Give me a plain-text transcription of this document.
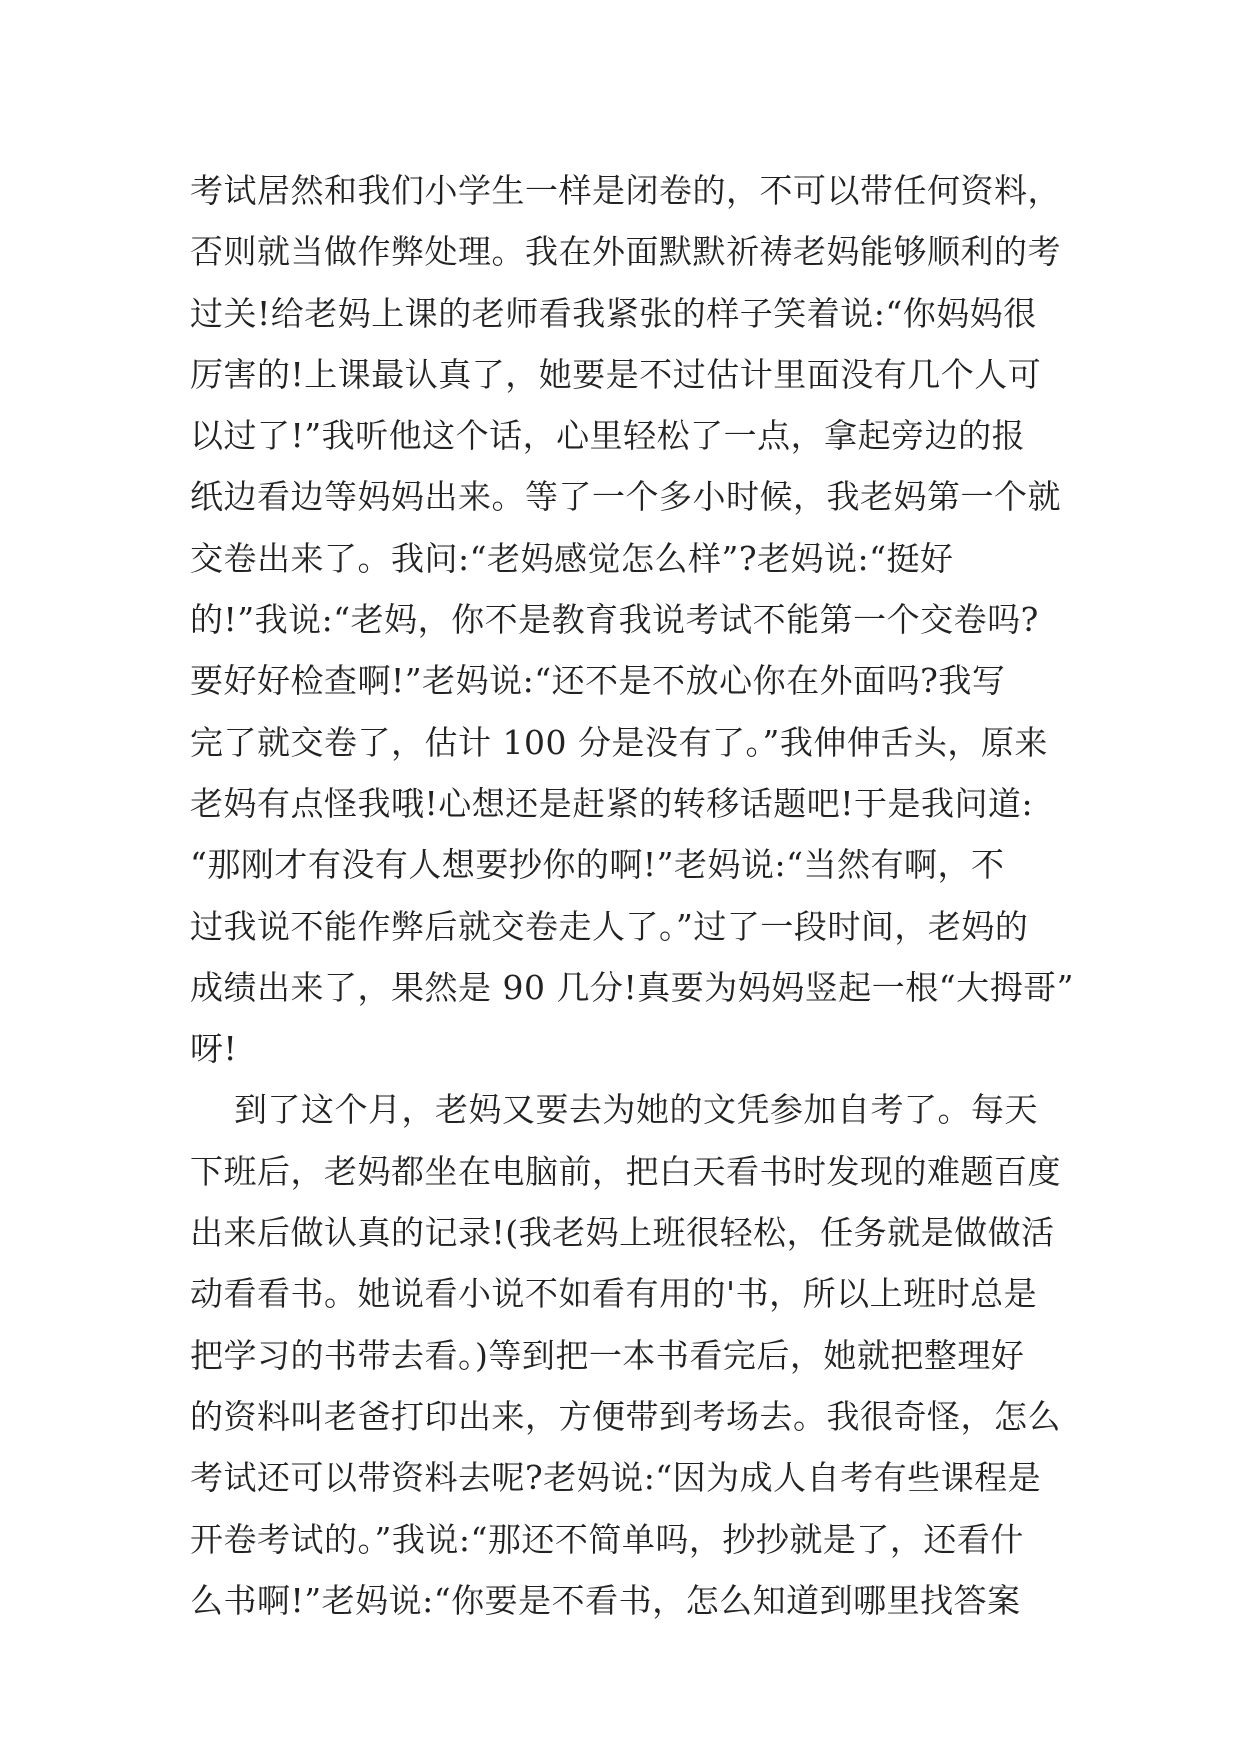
考试居然和我们小学生一样是闭卷的，不可以带任何资料，
否则就当做作弊处理。我在外面默默祈祷老妈能够顺利的考
过关!给老妈上课的老师看我紧张的样子笑着说:“你妈妈很
厉害的!上课最认真了，她要是不过估计里面没有几个人可
以过了!”我听他这个话，心里轻松了一点，拿起旁边的报
纸边看边等妈妈出来。等了一个多小时候，我老妈第一个就
交卷出来了。我问:“老妈感觉怎么样”?老妈说:“挺好
的!”我说:“老妈，你不是教育我说考试不能第一个交卷吗?
要好好检查啊!”老妈说:“还不是不放心你在外面吗?我写
完了就交卷了，估计 100 分是没有了。”我伸伸舌头，原来
老妈有点怪我哦!心想还是赶紧的转移话题吧!于是我问道:
“那刚才有没有人想要抄你的啊!”老妈说:“当然有啊，不
过我说不能作弊后就交卷走人了。”过了一段时间，老妈的
成绩出来了，果然是 90 几分!真要为妈妈竖起一根“大拇哥”
呀!
到了这个月，老妈又要去为她的文凭参加自考了。每天
下班后，老妈都坐在电脑前，把白天看书时发现的难题百度
出来后做认真的记录!(我老妈上班很轻松，任务就是做做活
动看看书。她说看小说不如看有用的'书，所以上班时总是
把学习的书带去看。)等到把一本书看完后，她就把整理好
的资料叫老爸打印出来，方便带到考场去。我很奇怪，怎么
考试还可以带资料去呢?老妈说:“因为成人自考有些课程是
开卷考试的。”我说:“那还不简单吗，抄抄就是了，还看什
么书啊!”老妈说:“你要是不看书，怎么知道到哪里找答案
